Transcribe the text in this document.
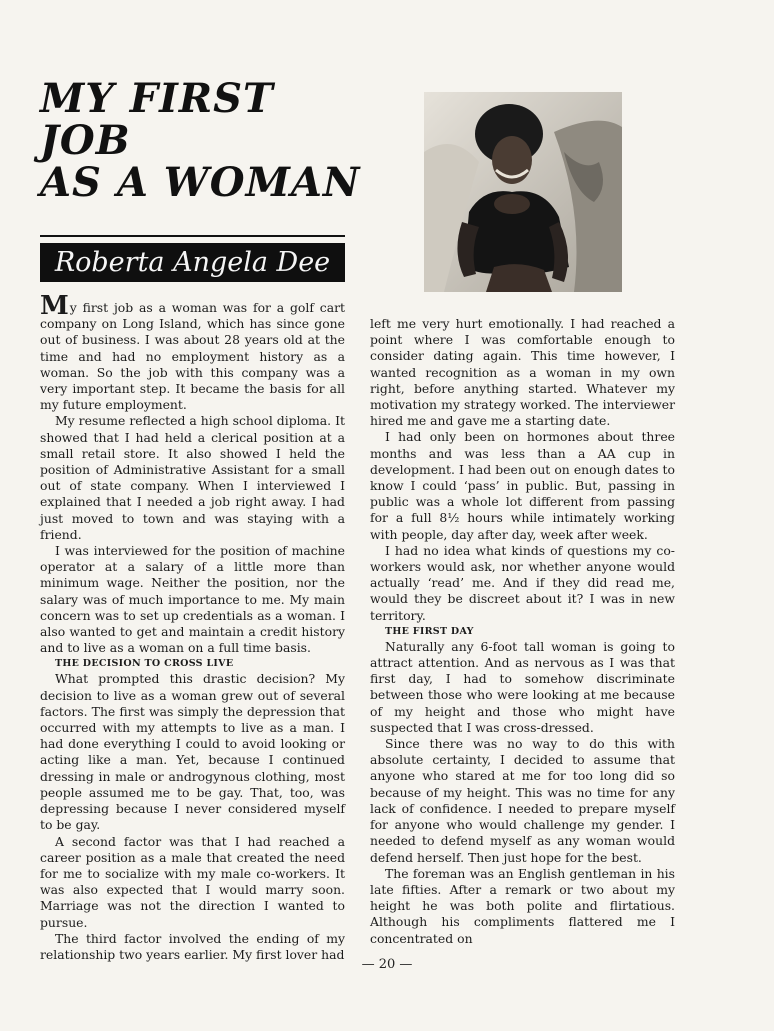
MY FIRST JOB
AS A WOMAN
Roberta Angela Dee

My first job as a woman was for a golf cart company on Long Island, which has since gone out of business. I was about 28 years old at the time and had no employment history as a woman. So the job with this company was a very important step. It became the basis for all my future employment.

My resume reflected a high school diploma. It showed that I had held a clerical position at a small retail store. It also showed I held the position of Administrative Assistant for a small out of state company. When I interviewed I explained that I needed a job right away. I had just moved to town and was staying with a friend.

I was interviewed for the position of machine operator at a salary of a little more than minimum wage. Neither the position, nor the salary was of much importance to me. My main concern was to set up credentials as a woman. I also wanted to get and maintain a credit history and to live as a woman on a full time basis.

THE DECISION TO CROSS LIVE

What prompted this drastic decision? My decision to live as a woman grew out of several factors. The first was simply the depression that occurred with my attempts to live as a man. I had done everything I could to avoid looking or acting like a man. Yet, because I continued dressing in male or androgynous clothing, most people assumed me to be gay. That, too, was depressing because I never considered myself to be gay.

A second factor was that I had reached a career position as a male that created the need for me to socialize with my male co-workers. It was also expected that I would marry soon. Marriage was not the direction I wanted to pursue.

The third factor involved the ending of my relationship two years earlier. My first lover had

left me very hurt emotionally. I had reached a point where I was comfortable enough to consider dating again. This time however, I wanted recognition as a woman in my own right, before anything started. Whatever my motivation my strategy worked. The interviewer hired me and gave me a starting date.

I had only been on hormones about three months and was less than a AA cup in development. I had been out on enough dates to know I could ‘pass’ in public. But, passing in public was a whole lot different from passing for a full 8½ hours while intimately working with people, day after day, week after week.

I had no idea what kinds of questions my co-workers would ask, nor whether anyone would actually ‘read’ me. And if they did read me, would they be discreet about it? I was in new territory.

THE FIRST DAY

Naturally any 6-foot tall woman is going to attract attention. And as nervous as I was that first day, I had to somehow discriminate between those who were looking at me because of my height and those who might have suspected that I was cross-dressed.

Since there was no way to do this with absolute certainty, I decided to assume that anyone who stared at me for too long did so because of my height. This was no time for any lack of confidence. I needed to prepare myself for anyone who would challenge my gender. I needed to defend myself as any woman would defend herself. Then just hope for the best.

The foreman was an English gentleman in his late fifties. After a remark or two about my height he was both polite and flirtatious. Although his compliments flattered me I concentrated on

— 20 —
